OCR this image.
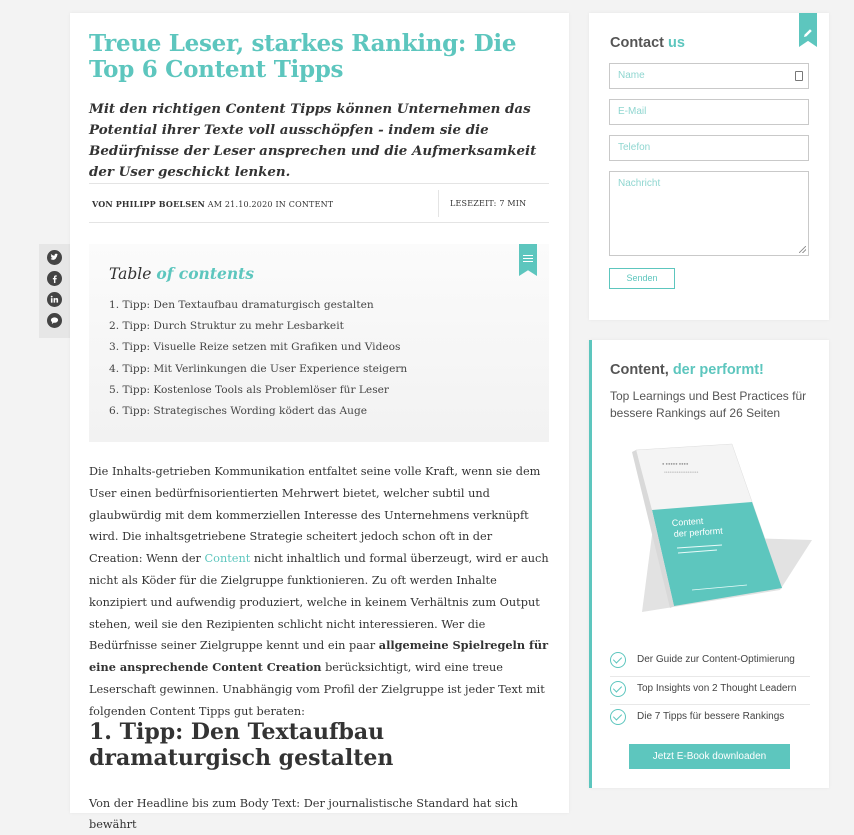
Treue Leser, starkes Ranking: Die Top 6 Content Tipps

Mit den richtigen Content Tipps können Unternehmen das Potential ihrer Texte voll ausschöpfen - indem sie die Bedürfnisse der Leser ansprechen und die Aufmerksamkeit der User geschickt lenken.

VON PHILIPP BOELSEN AM 21.10.2020 IN CONTENT	LESEZEIT: 7 MIN
Table of contents
1. Tipp: Den Textaufbau dramaturgisch gestalten
2. Tipp: Durch Struktur zu mehr Lesbarkeit
3. Tipp: Visuelle Reize setzen mit Grafiken und Videos
4. Tipp: Mit Verlinkungen die User Experience steigern
5. Tipp: Kostenlose Tools als Problemlöser für Leser
6. Tipp: Strategisches Wording ködert das Auge

Die Inhalts-getrieben Kommunikation entfaltet seine volle Kraft, wenn sie dem User einen bedürfnisorientierten Mehrwert bietet, welcher subtil und glaubwürdig mit dem kommerziellen Interesse des Unternehmens verknüpft wird. Die inhaltsgetriebene Strategie scheitert jedoch schon oft in der Creation: Wenn der Content nicht inhaltlich und formal überzeugt, wird er auch nicht als Köder für die Zielgruppe funktionieren. Zu oft werden Inhalte konzipiert und aufwendig produziert, welche in keinem Verhältnis zum Output stehen, weil sie den Rezipienten schlicht nicht interessieren. Wer die Bedürfnisse seiner Zielgruppe kennt und ein paar allgemeine Spielregeln für eine ansprechende Content Creation berücksichtigt, wird eine treue Leserschaft gewinnen. Unabhängig vom Profil der Zielgruppe ist jeder Text mit folgenden Content Tipps gut beraten:

1. Tipp: Den Textaufbau dramaturgisch gestalten

Von der Headline bis zum Body Text: Der journalistische Standard hat sich bewährt

Contact us
Name
E-Mail
Telefon
Nachricht
Senden
Content, der performt!

Top Learnings und Best Practices für bessere Rankings auf 26 Seiten

● ●●●●● ●●●●
●●●●●●●●●●●●●●●●●●●
Content
der performt
Der Guide zur Content-Optimierung
Top Insights von 2 Thought Leadern
Die 7 Tipps für bessere Rankings
Jetzt E-Book downloaden
